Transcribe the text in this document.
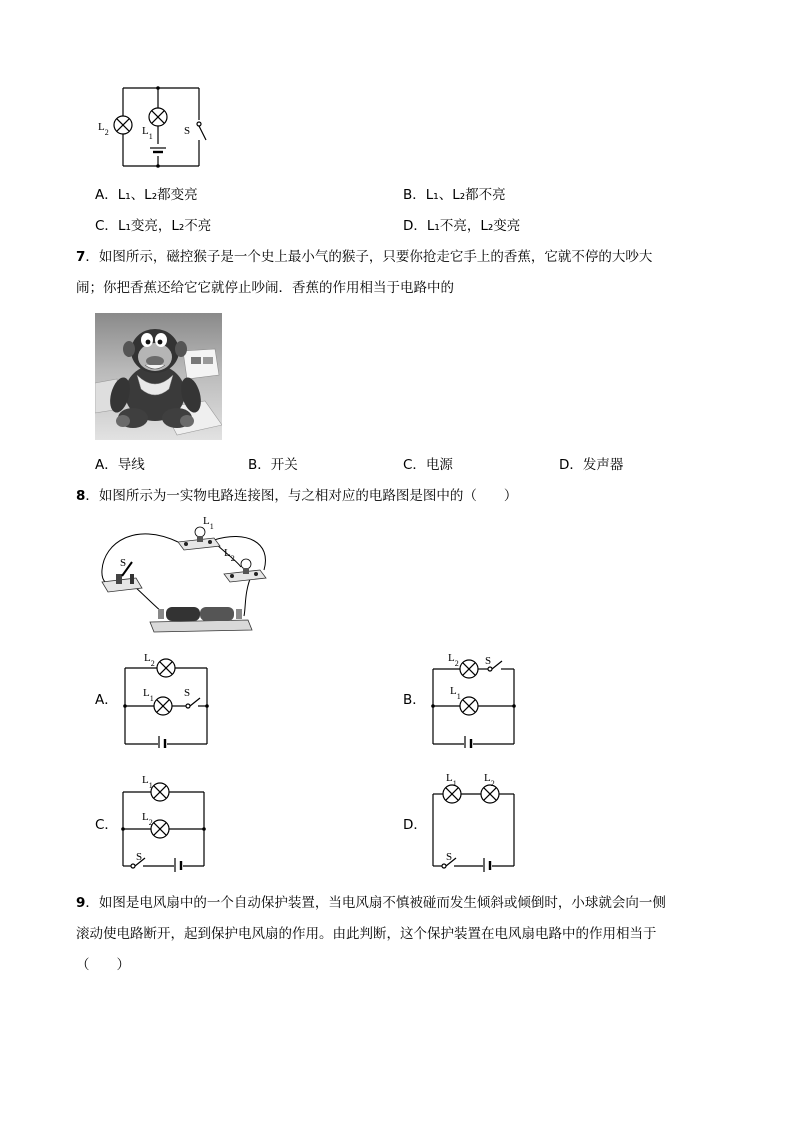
$L_2$	$L_1$	S
A．L₁、L₂都变亮	B．L₁、L₂都不亮
C．L₁变亮，L₂不亮	D．L₁不亮，L₂变亮
7．如图所示，磁控猴子是一个史上最小气的猴子，只要你抢走它手上的香蕉，它就不停的大吵大
闹；你把香蕉还给它它就停止吵闹．香蕉的作用相当于电路中的
A．导线	B．开关	C．电源	D．发声器
8．如图所示为一实物电路连接图，与之相对应的电路图是图中的（　　）
$L_1$
$L_2$
S
A．
$L_2$
$L_1$	S	B．
$L_2$ S
$L_1$
C．
$L_1$
$L_2$
S
D．
$L_1$ $L_2$
S
9．如图是电风扇中的一个自动保护装置，当电风扇不慎被碰而发生倾斜或倾倒时，小球就会向一侧
滚动使电路断开，起到保护电风扇的作用。由此判断，这个保护装置在电风扇电路中的作用相当于
（　　）
